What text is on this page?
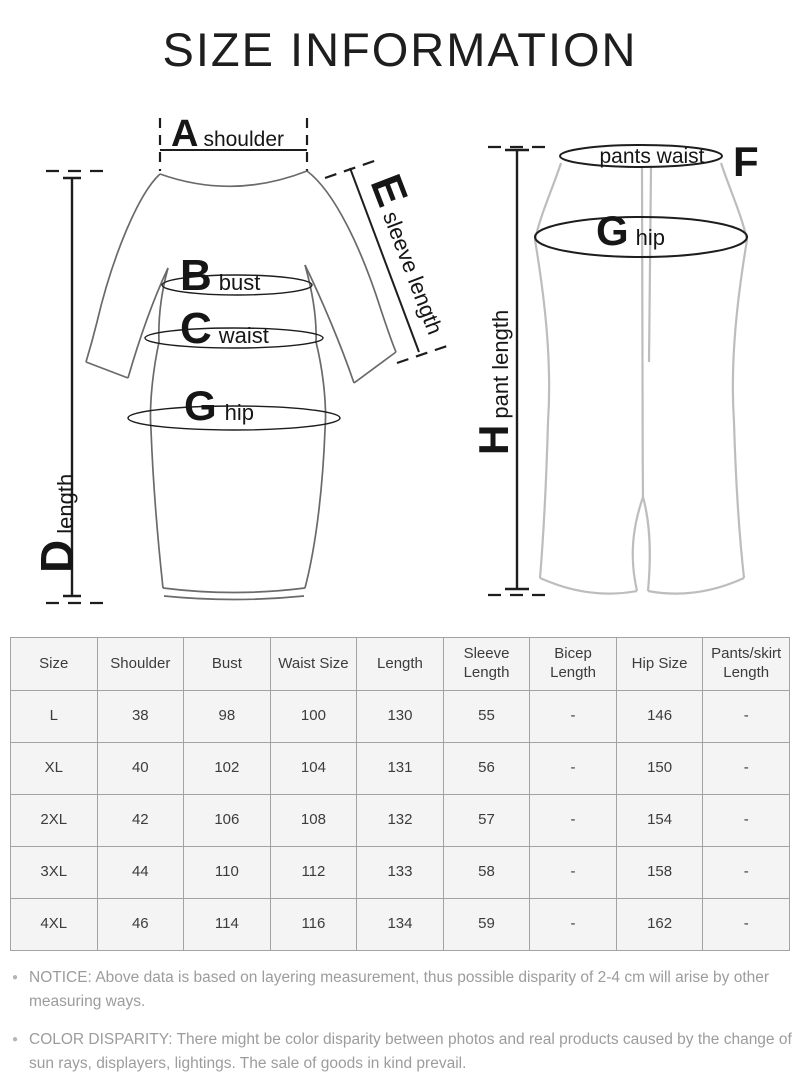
SIZE INFORMATION
Ashoulder
Bbust
Cwaist
Ghip
Dlength
Esleeve length
pants waist F
Ghip
Hpant length
Size	Shoulder	Bust	Waist Size	Length	Sleeve Length	Bicep Length	Hip Size	Pants/skirt Length
L	38	98	100	130	55	-	146	-
XL	40	102	104	131	56	-	150	-
2XL	42	106	108	132	57	-	154	-
3XL	44	110	112	133	58	-	158	-
4XL	46	114	116	134	59	-	162	-
● NOTICE: Above data is based on layering measurement, thus possible disparity of 2-4 cm will arise by other measuring ways.

● COLOR DISPARITY: There might be color disparity between photos and real products caused by the change of sun rays, displayers, lightings. The sale of goods in kind prevail.
